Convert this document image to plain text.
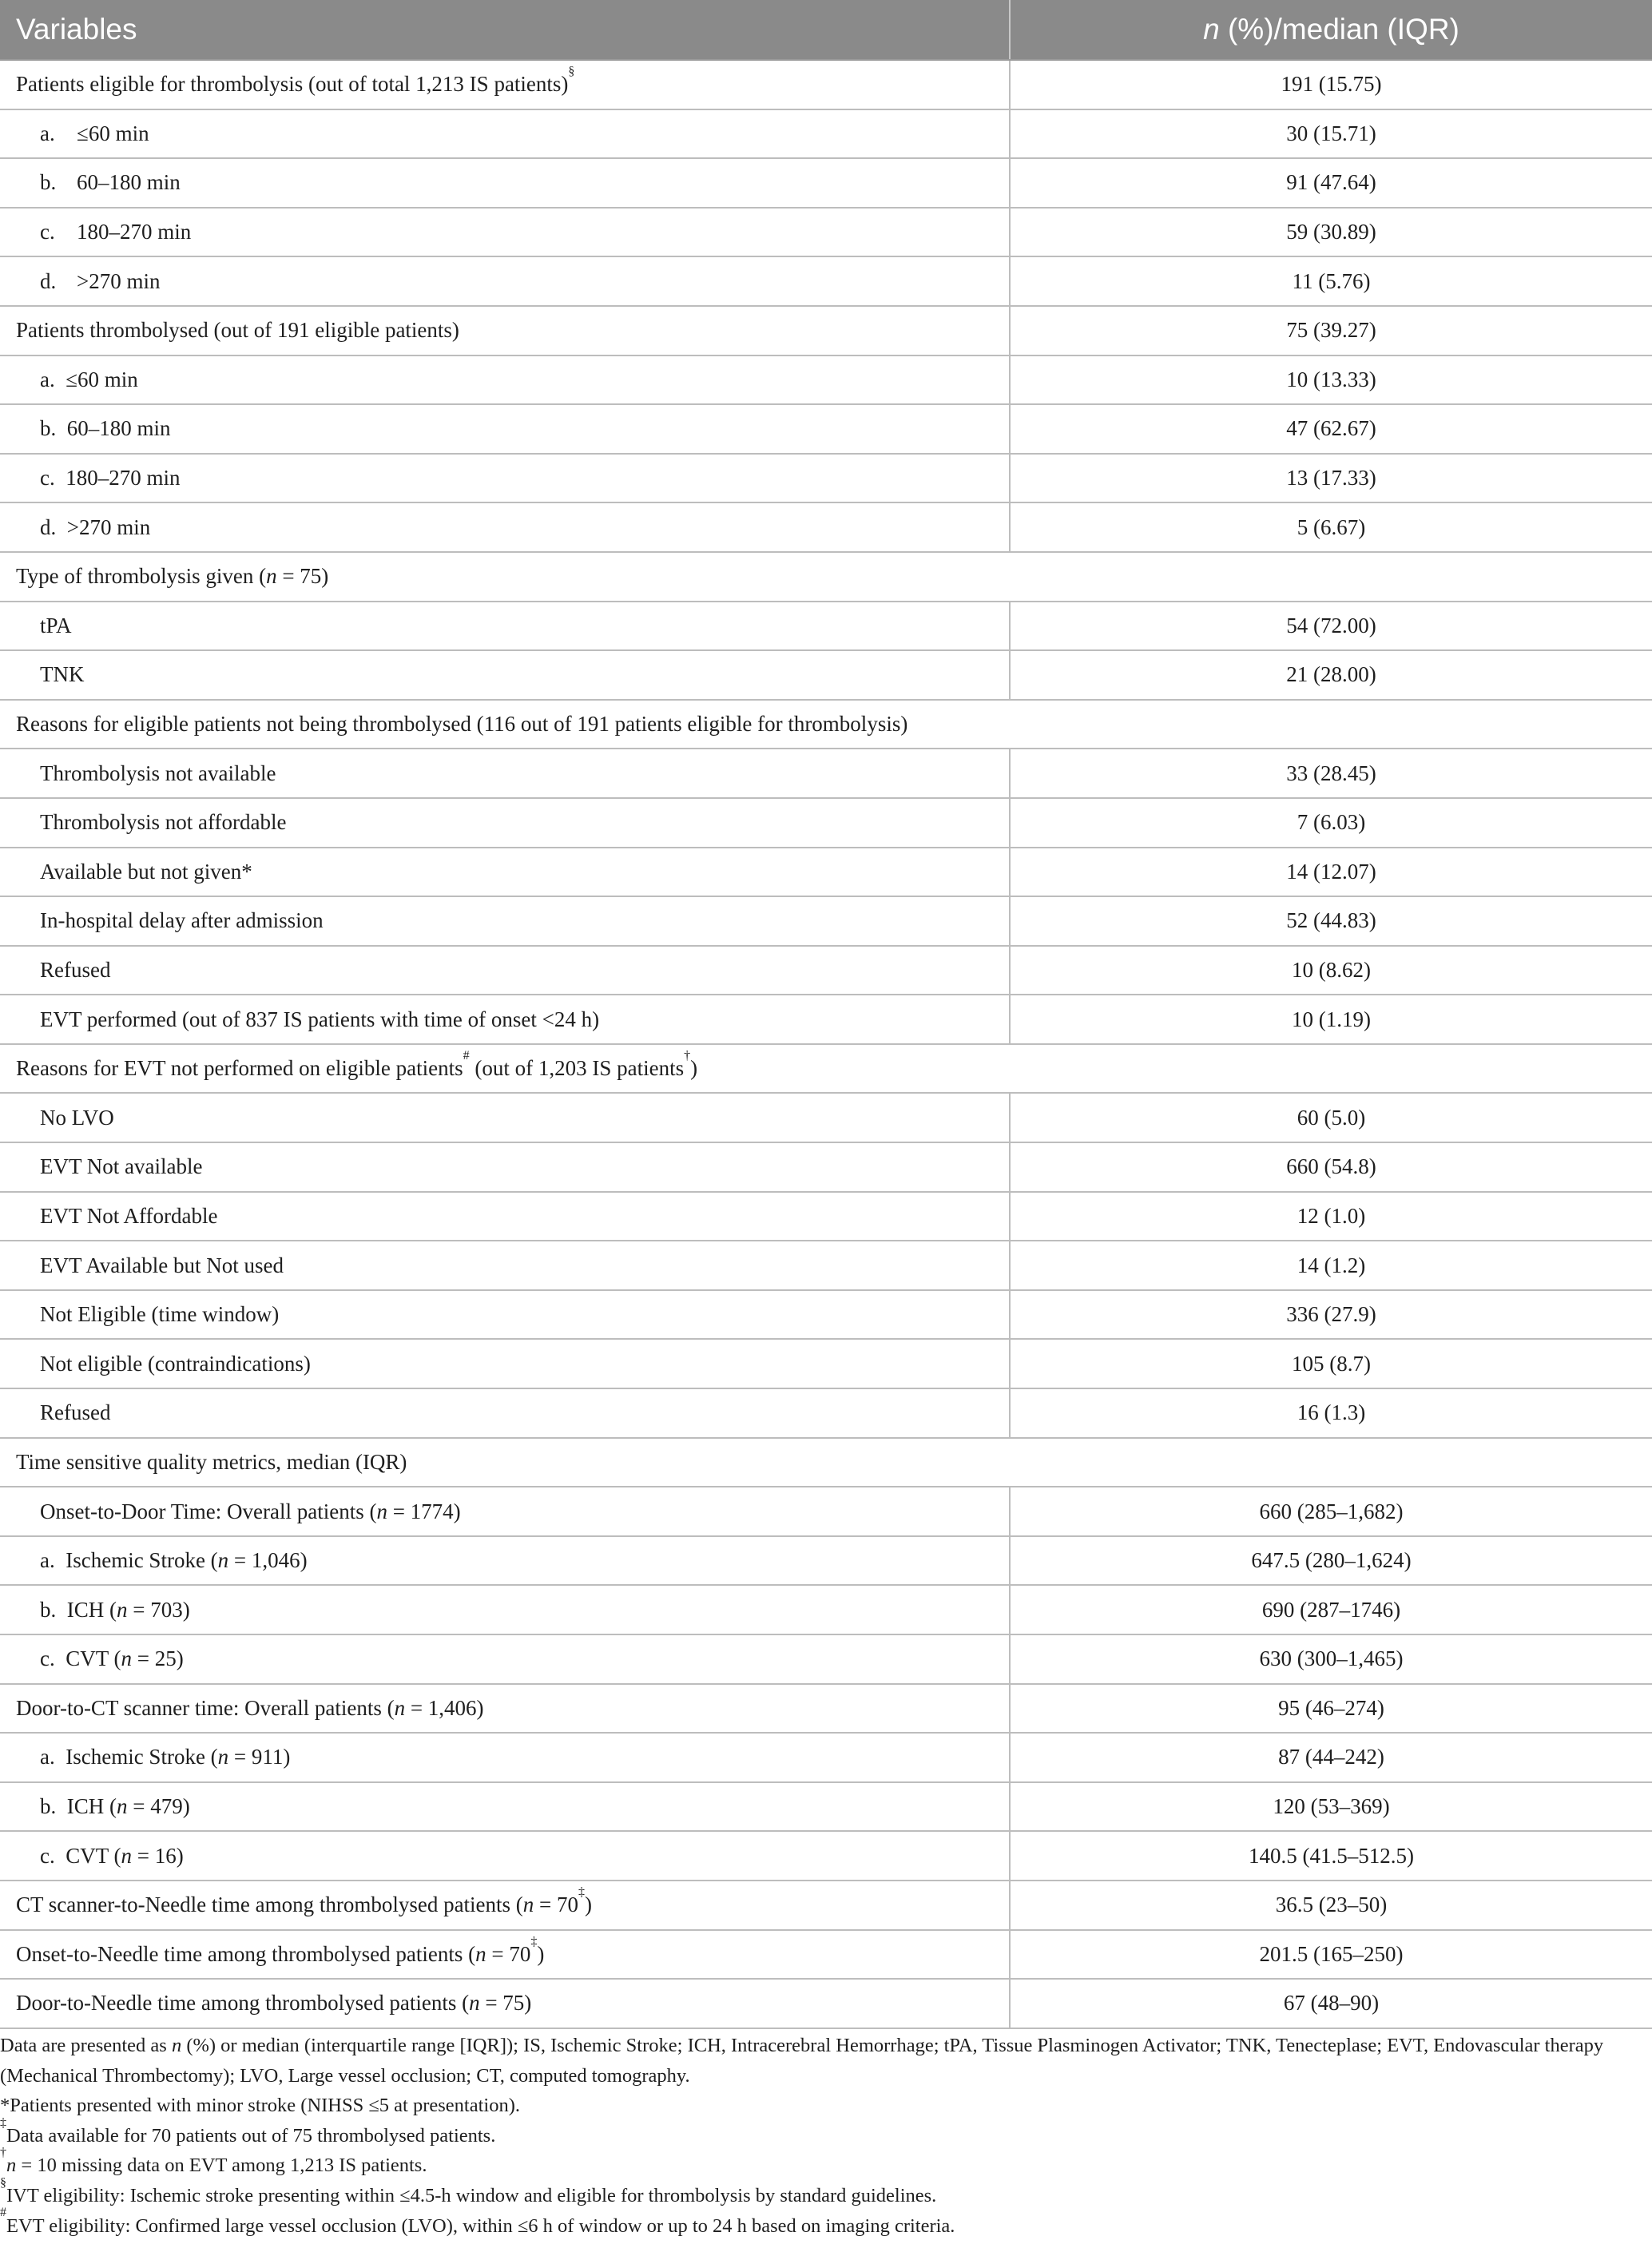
Variables	n (%)/median (IQR)
Patients eligible for thrombolysis (out of total 1,213 IS patients)§	191 (15.75)
a. ≤60 min	30 (15.71)
b. 60–180 min	91 (47.64)
c. 180–270 min	59 (30.89)
d. >270 min	11 (5.76)
Patients thrombolysed (out of 191 eligible patients)	75 (39.27)
a.  ≤60 min	10 (13.33)
b.  60–180 min	47 (62.67)
c.  180–270 min	13 (17.33)
d.  >270 min	5 (6.67)
Type of thrombolysis given (n = 75)	
tPA	54 (72.00)
TNK	21 (28.00)
Reasons for eligible patients not being thrombolysed (116 out of 191 patients eligible for thrombolysis)	
Thrombolysis not available	33 (28.45)
Thrombolysis not affordable	7 (6.03)
Available but not given*	14 (12.07)
In-hospital delay after admission	52 (44.83)
Refused	10 (8.62)
EVT performed (out of 837 IS patients with time of onset <24 h)	10 (1.19)
Reasons for EVT not performed on eligible patients# (out of 1,203 IS patients†)	
No LVO	60 (5.0)
EVT Not available	660 (54.8)
EVT Not Affordable	12 (1.0)
EVT Available but Not used	14 (1.2)
Not Eligible (time window)	336 (27.9)
Not eligible (contraindications)	105 (8.7)
Refused	16 (1.3)
Time sensitive quality metrics, median (IQR)	
Onset-to-Door Time: Overall patients (n = 1774)	660 (285–1,682)
a.  Ischemic Stroke (n = 1,046)	647.5 (280–1,624)
b.  ICH (n = 703)	690 (287–1746)
c.  CVT (n = 25)	630 (300–1,465)
Door-to-CT scanner time: Overall patients (n = 1,406)	95 (46–274)
a.  Ischemic Stroke (n = 911)	87 (44–242)
b.  ICH (n = 479)	120 (53–369)
c.  CVT (n = 16)	140.5 (41.5–512.5)
CT scanner-to-Needle time among thrombolysed patients (n = 70‡)	36.5 (23–50)
Onset-to-Needle time among thrombolysed patients (n = 70‡)	201.5 (165–250)
Door-to-Needle time among thrombolysed patients (n = 75)	67 (48–90)

Data are presented as n (%) or median (interquartile range [IQR]); IS, Ischemic Stroke; ICH, Intracerebral Hemorrhage; tPA, Tissue Plasminogen Activator; TNK, Tenecteplase; EVT, Endovascular therapy (Mechanical Thrombectomy); LVO, Large vessel occlusion; CT, computed tomography.

*Patients presented with minor stroke (NIHSS ≤5 at presentation).

‡Data available for 70 patients out of 75 thrombolysed patients.

†n = 10 missing data on EVT among 1,213 IS patients.

§IVT eligibility: Ischemic stroke presenting within ≤4.5-h window and eligible for thrombolysis by standard guidelines.

#EVT eligibility: Confirmed large vessel occlusion (LVO), within ≤6 h of window or up to 24 h based on imaging criteria.
